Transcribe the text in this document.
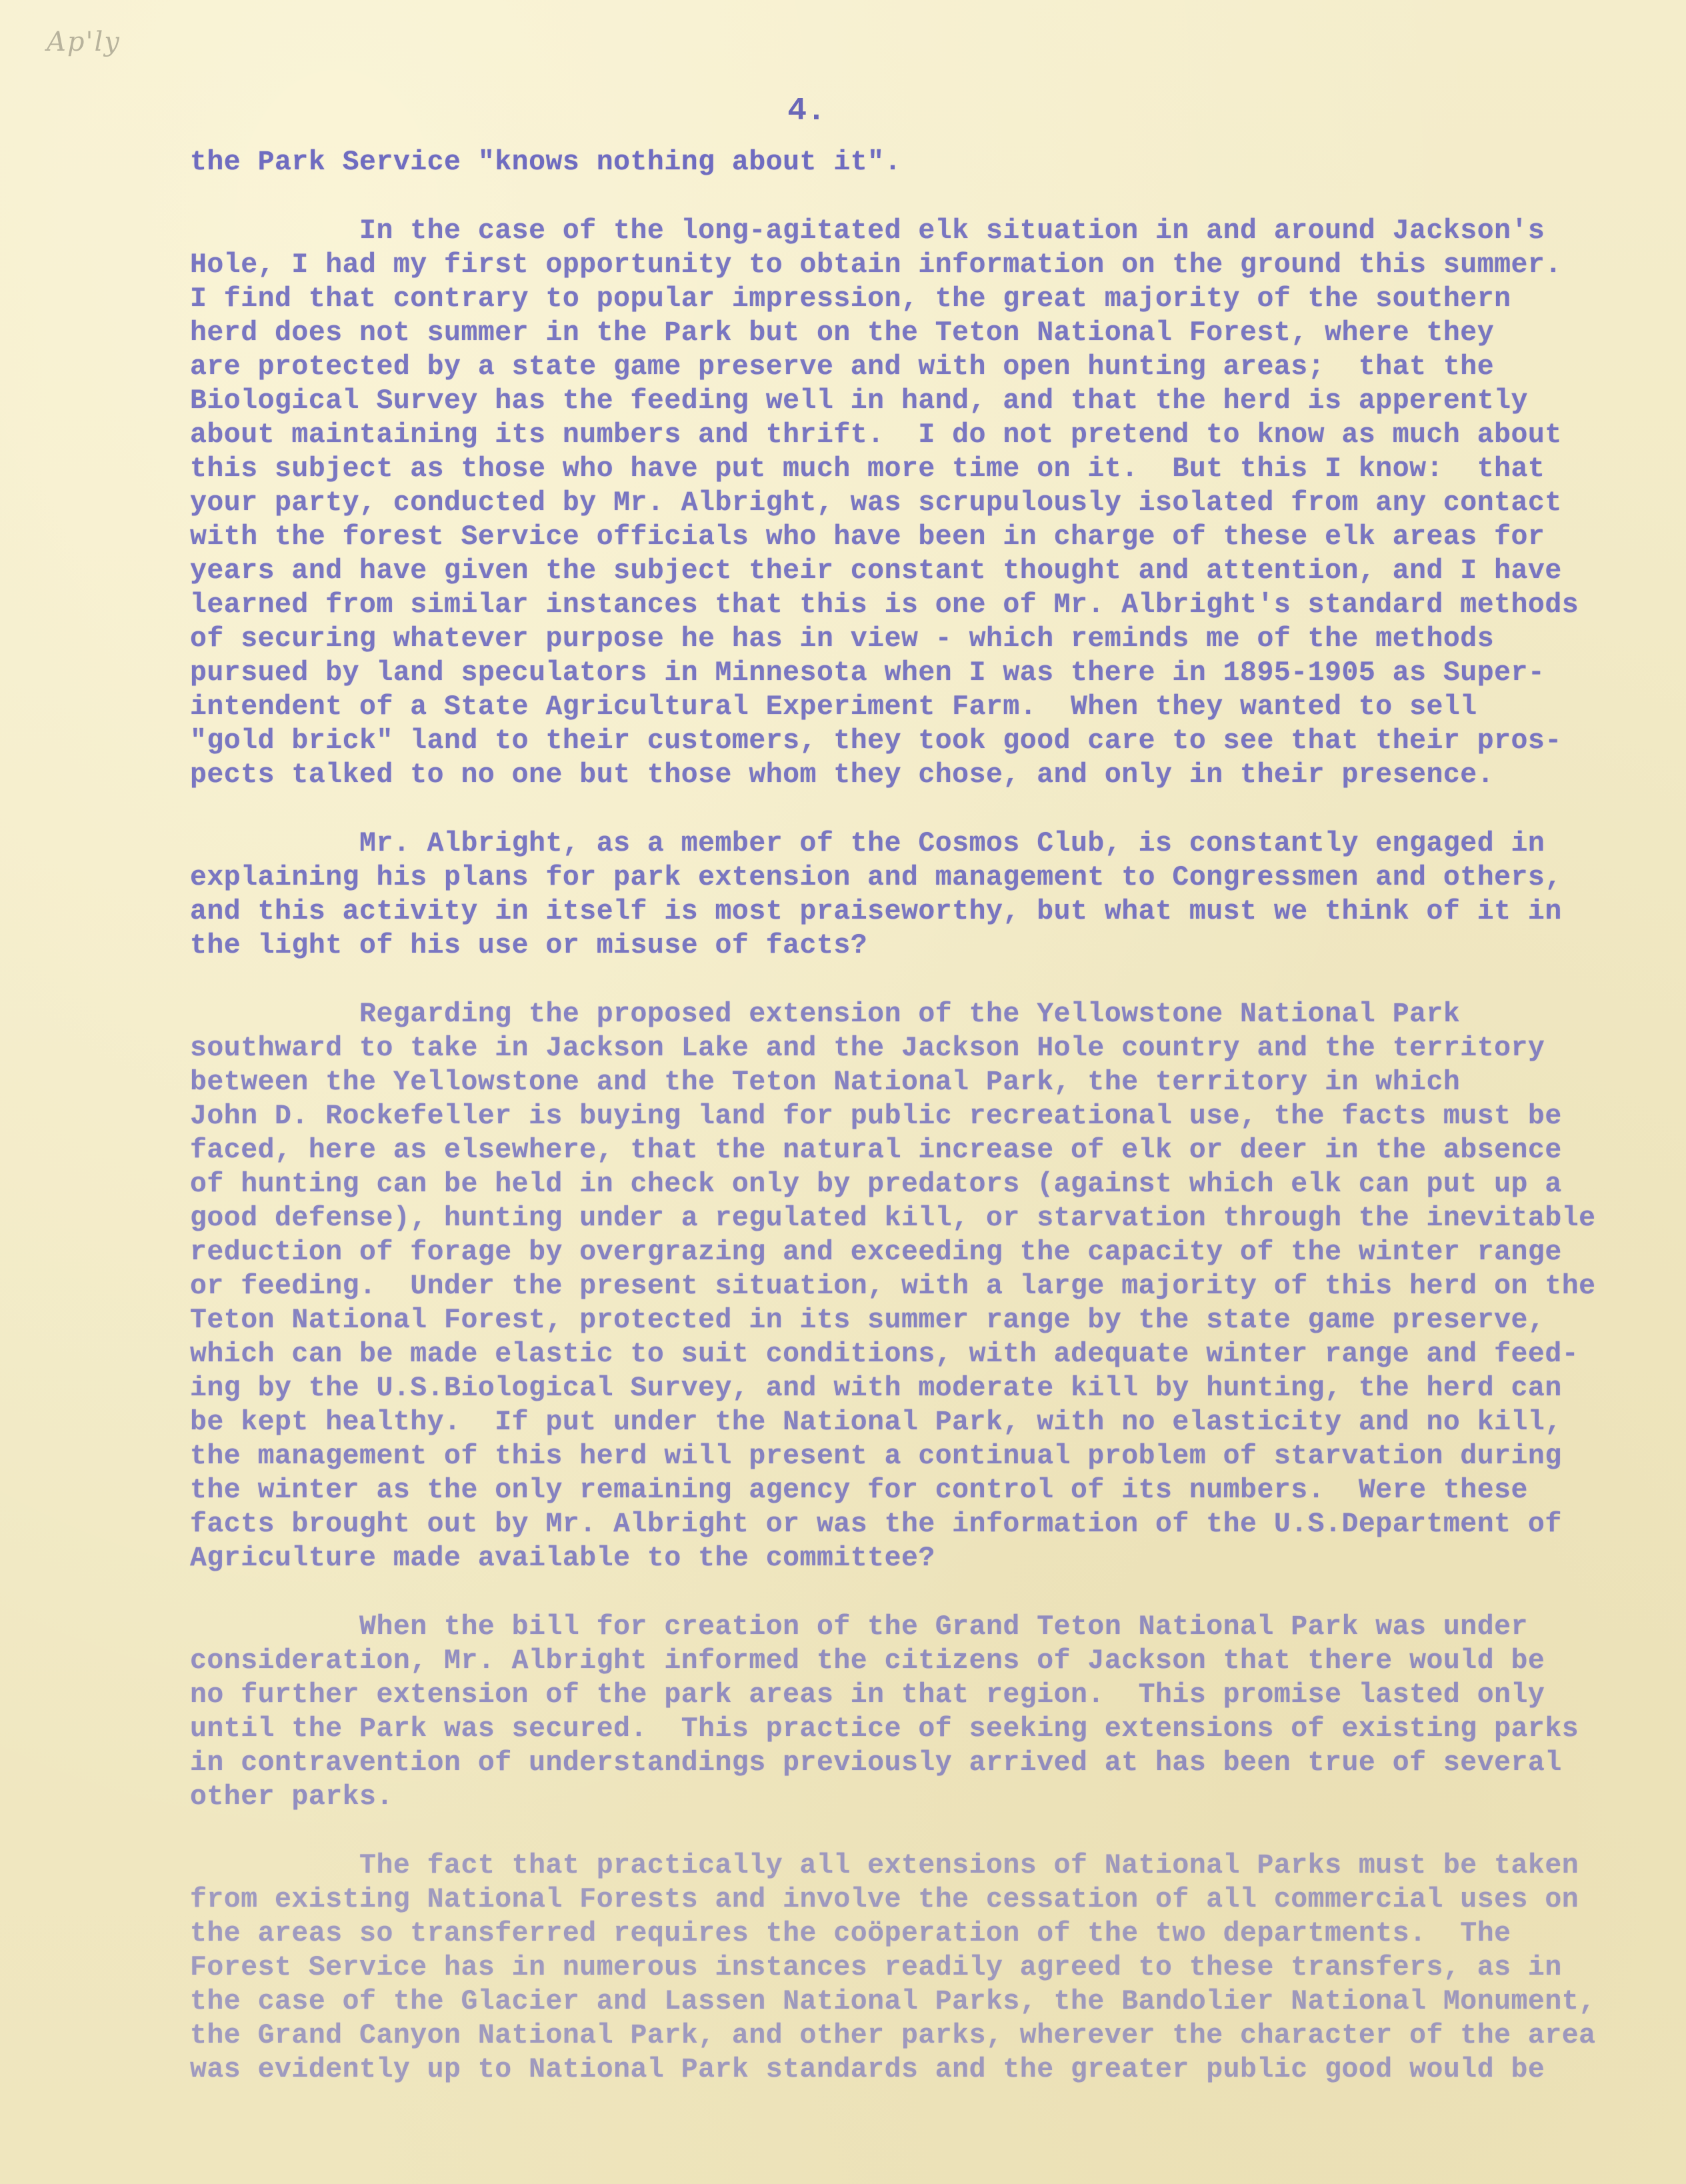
Ap'ly
4.
the Park Service "knows nothing about it".
In the case of the long-agitated elk situation in and around Jackson's
Hole, I had my first opportunity to obtain information on the ground this summer.
I find that contrary to popular impression, the great majority of the southern
herd does not summer in the Park but on the Teton National Forest, where they
are protected by a state game preserve and with open hunting areas;  that the
Biological Survey has the feeding well in hand, and that the herd is apperently
about maintaining its numbers and thrift.  I do not pretend to know as much about
this subject as those who have put much more time on it.  But this I know:  that
your party, conducted by Mr. Albright, was scrupulously isolated from any contact
with the forest Service officials who have been in charge of these elk areas for
years and have given the subject their constant thought and attention, and I have
learned from similar instances that this is one of Mr. Albright's standard methods
of securing whatever purpose he has in view - which reminds me of the methods
pursued by land speculators in Minnesota when I was there in 1895-1905 as Super-
intendent of a State Agricultural Experiment Farm.  When they wanted to sell
"gold brick" land to their customers, they took good care to see that their pros-
pects talked to no one but those whom they chose, and only in their presence.
Mr. Albright, as a member of the Cosmos Club, is constantly engaged in
explaining his plans for park extension and management to Congressmen and others,
and this activity in itself is most praiseworthy, but what must we think of it in
the light of his use or misuse of facts?
Regarding the proposed extension of the Yellowstone National Park
southward to take in Jackson Lake and the Jackson Hole country and the territory
between the Yellowstone and the Teton National Park, the territory in which
John D. Rockefeller is buying land for public recreational use, the facts must be
faced, here as elsewhere, that the natural increase of elk or deer in the absence
of hunting can be held in check only by predators (against which elk can put up a
good defense), hunting under a regulated kill, or starvation through the inevitable
reduction of forage by overgrazing and exceeding the capacity of the winter range
or feeding.  Under the present situation, with a large majority of this herd on the
Teton National Forest, protected in its summer range by the state game preserve,
which can be made elastic to suit conditions, with adequate winter range and feed-
ing by the U.S.Biological Survey, and with moderate kill by hunting, the herd can
be kept healthy.  If put under the National Park, with no elasticity and no kill,
the management of this herd will present a continual problem of starvation during
the winter as the only remaining agency for control of its numbers.  Were these
facts brought out by Mr. Albright or was the information of the U.S.Department of
Agriculture made available to the committee?
When the bill for creation of the Grand Teton National Park was under
consideration, Mr. Albright informed the citizens of Jackson that there would be
no further extension of the park areas in that region.  This promise lasted only
until the Park was secured.  This practice of seeking extensions of existing parks
in contravention of understandings previously arrived at has been true of several
other parks.
The fact that practically all extensions of National Parks must be taken
from existing National Forests and involve the cessation of all commercial uses on
the areas so transferred requires the coöperation of the two departments.  The
Forest Service has in numerous instances readily agreed to these transfers, as in
the case of the Glacier and Lassen National Parks, the Bandolier National Monument,
the Grand Canyon National Park, and other parks, wherever the character of the area
was evidently up to National Park standards and the greater public good would be
